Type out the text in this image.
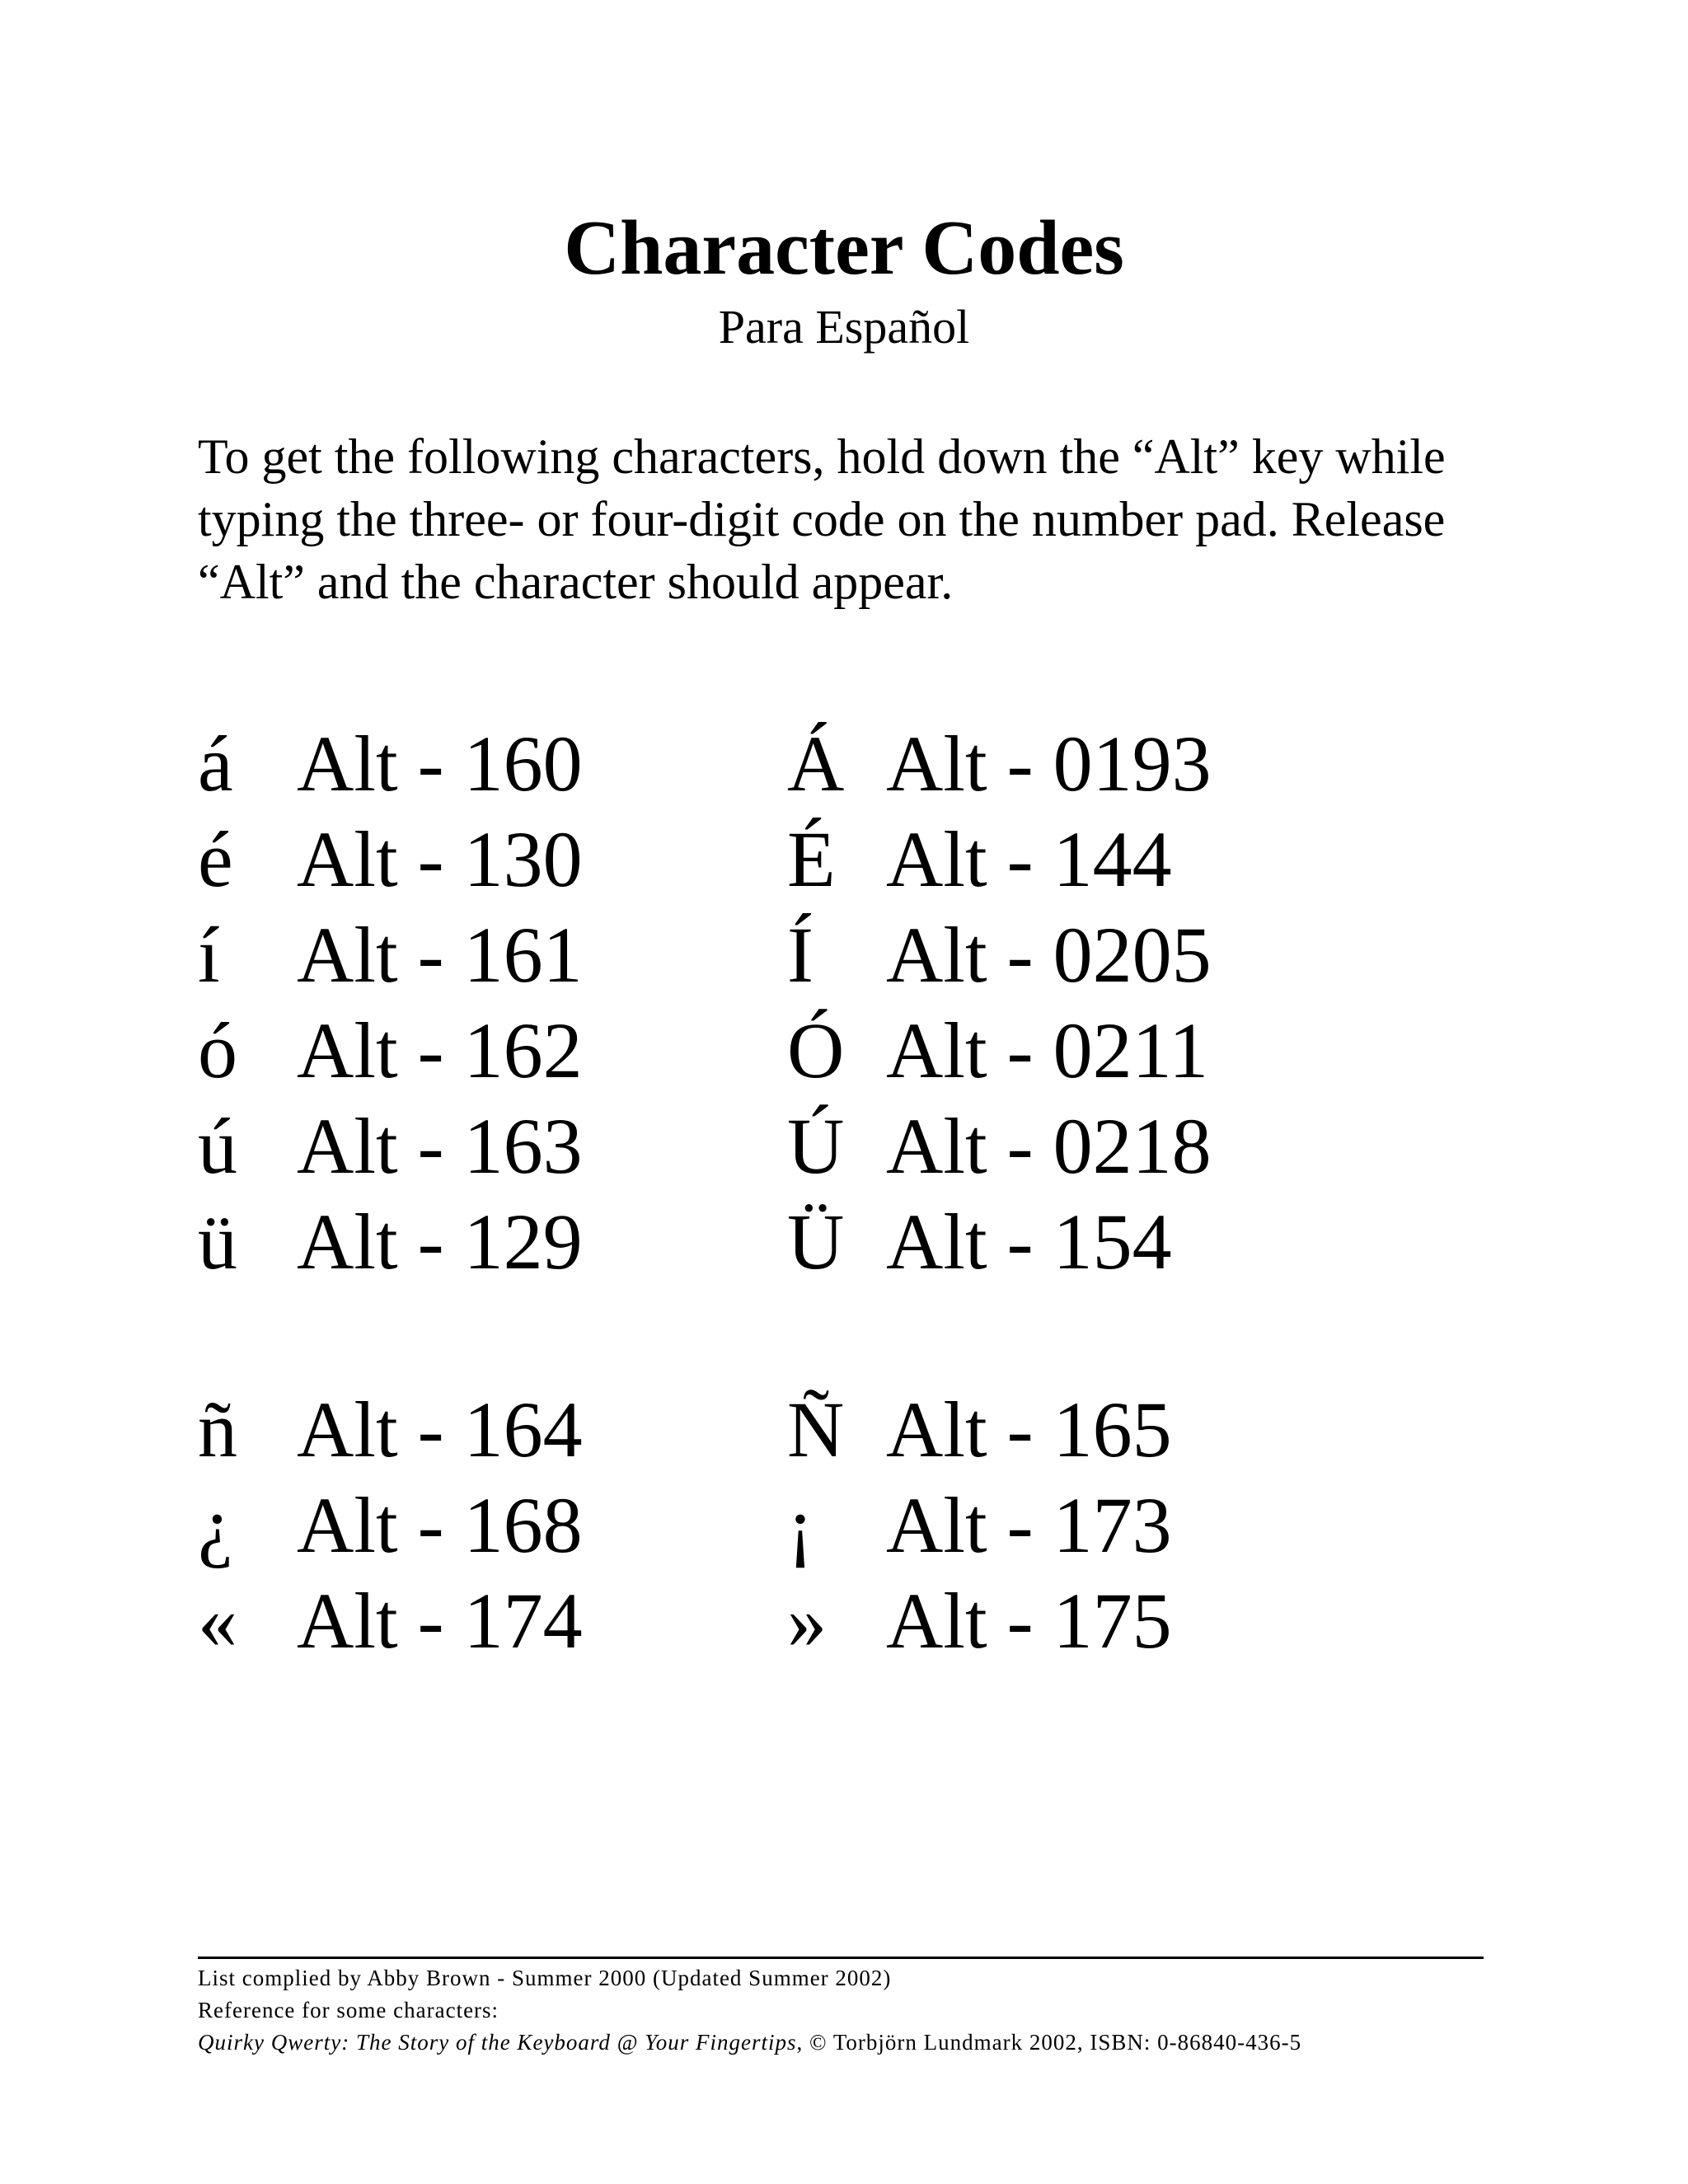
Character Codes
Para Español

To get the following characters, hold down the “Alt” key while typing the three- or four-digit code on the number pad. Release “Alt” and the character should appear.

á Alt - 160
é Alt - 130
í Alt - 161
ó Alt - 162
ú Alt - 163
ü Alt - 129
ñ Alt - 164
¿ Alt - 168
« Alt - 174
Á Alt - 0193
É Alt - 144
Í Alt - 0205
Ó Alt - 0211
Ú Alt - 0218
Ü Alt - 154
Ñ Alt - 165
¡ Alt - 173
» Alt - 175
List complied by Abby Brown - Summer 2000 (Updated Summer 2002)
Reference for some characters:
Quirky Qwerty: The Story of the Keyboard @ Your Fingertips, © Torbjörn Lundmark 2002, ISBN: 0-86840-436-5
